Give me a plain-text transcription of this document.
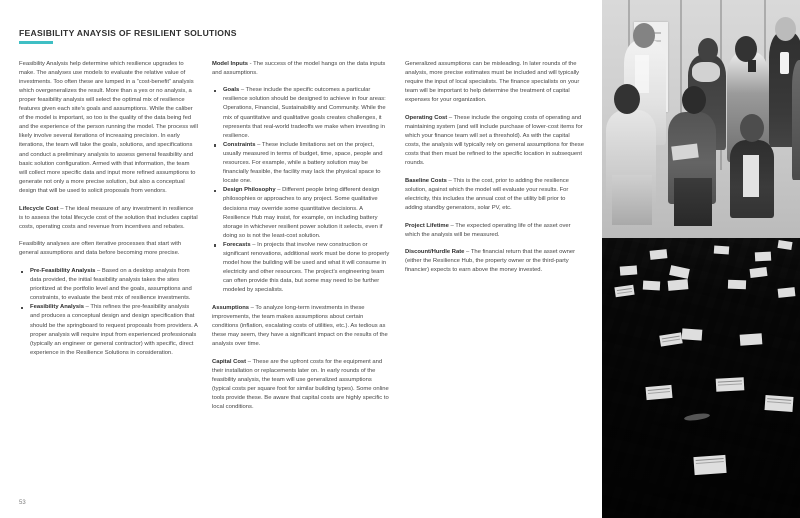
FEASIBILITY ANAYSIS OF RESILIENT SOLUTIONS

Feasibility Analysis help determine which resilience upgrades to make. The analyses use models to evaluate the relative value of investments. Too often these are lumped in a “cost-benefit” analysis which overgeneralizes the result. More than a yes or no analysis, a proper feasibility analysis will select the optimal mix of resilience features given each site’s goals and assumptions. While the caliber of the model is important, so too is the quality of the data being fed and the experience of the person running the model. The process will likely involve several iterations of increasing precision. In early iterations, the team will take the goals, solutions, and specifications and conduct a preliminary analysis to assess general feasibility and basic solution configuration. Armed with that information, the team will collect more specific data and input more refined assumptions to generate not only a more precise solution, but also a conceptual design that will be used to solicit proposals from vendors.

Lifecycle Cost – The ideal measure of any investment in resilience is to assess the total lifecycle cost of the solution that includes capital costs, operating costs and revenue from incentives and rebates.

Feasibility analyses are often iterative processes that start with general assumptions and data before becoming more precise.

Pre-Feasibility Analysis – Based on a desktop analysis from data provided, the initial feasibility analysis takes the sites prioritized at the portfolio level and the goals, assumptions and constraints, to evaluate the best mix of resilience investments.
Feasibility Analysis – This refines the pre-feasibility analysis and produces a conceptual design and design specification that should be the springboard to request proposals from providers. A proper analysis will require input from experienced professionals (typically an engineer or general contractor) with specific, direct experience in the Resilience Solutions in consideration.

Model Inputs - The success of the model hangs on the data inputs and assumptions.

Goals – These include the specific outcomes a particular resilience solution should be designed to achieve in four areas: Operations, Financial, Sustainability and Community. While the mix of quantitative and qualitative goals creates challenges, it represents that real-world tradeoffs we make when investing in resilience.
Constraints – These include limitations set on the project, usually measured in terms of budget, time, space, people and resources. For example, while a battery solution may be financially feasible, the facility may lack the physical space to locate one.
Design Philosophy – Different people bring different design philosophies or approaches to any project. Some qualitative decisions may override some quantitative decisions. A Resilience Hub may insist, for example, on including battery storage in whichever resilient power solution it selects, even if doing so is not the least-cost solution.
Forecasts – In projects that involve new construction or significant renovations, additional work must be done to properly model how the building will be used and what it will consume in electricity and other resources. The project’s engineering team can often provide this data, but some may need to be further modeled by specialists.

Assumptions – To analyze long-term investments in these improvements, the team makes assumptions about certain conditions (inflation, escalating costs of utilities, etc.). As tedious as these may seem, they have a significant impact on the results of the analysis over time.

Capital Cost – These are the upfront costs for the equipment and their installation or replacements later on. In early rounds of the feasibility analysis, the team will use generalized assumptions (typical costs per square foot for similar building types). Some online tools provide these. Be aware that capital costs are highly specific to local conditions.

Generalized assumptions can be misleading. In later rounds of the analysis, more precise estimates must be included and will typically require the input of local specialists. The finance specialists on your team will be important to help determine the treatment of capital expenses for your organization.

Operating Cost – These include the ongoing costs of operating and maintaining system (and will include purchase of lower-cost items for which your finance team will set a threshold). As with the capital costs, the analysis will typically rely on general assumptions for these costs that then must be refined to the specific location in subsequent rounds.

Baseline Costs – This is the cost, prior to adding the resilience solution, against which the model will evaluate your results. For electricity, this includes the annual cost of the utility bill prior to adding standby generators, solar PV, etc.

Project Lifetime – The expected operating life of the asset over which the analysis will be measured.

Discount/Hurdle Rate – The financial return that the asset owner (either the Resilience Hub, the property owner or the third-party financier) expects to earn above the money invested.

53
